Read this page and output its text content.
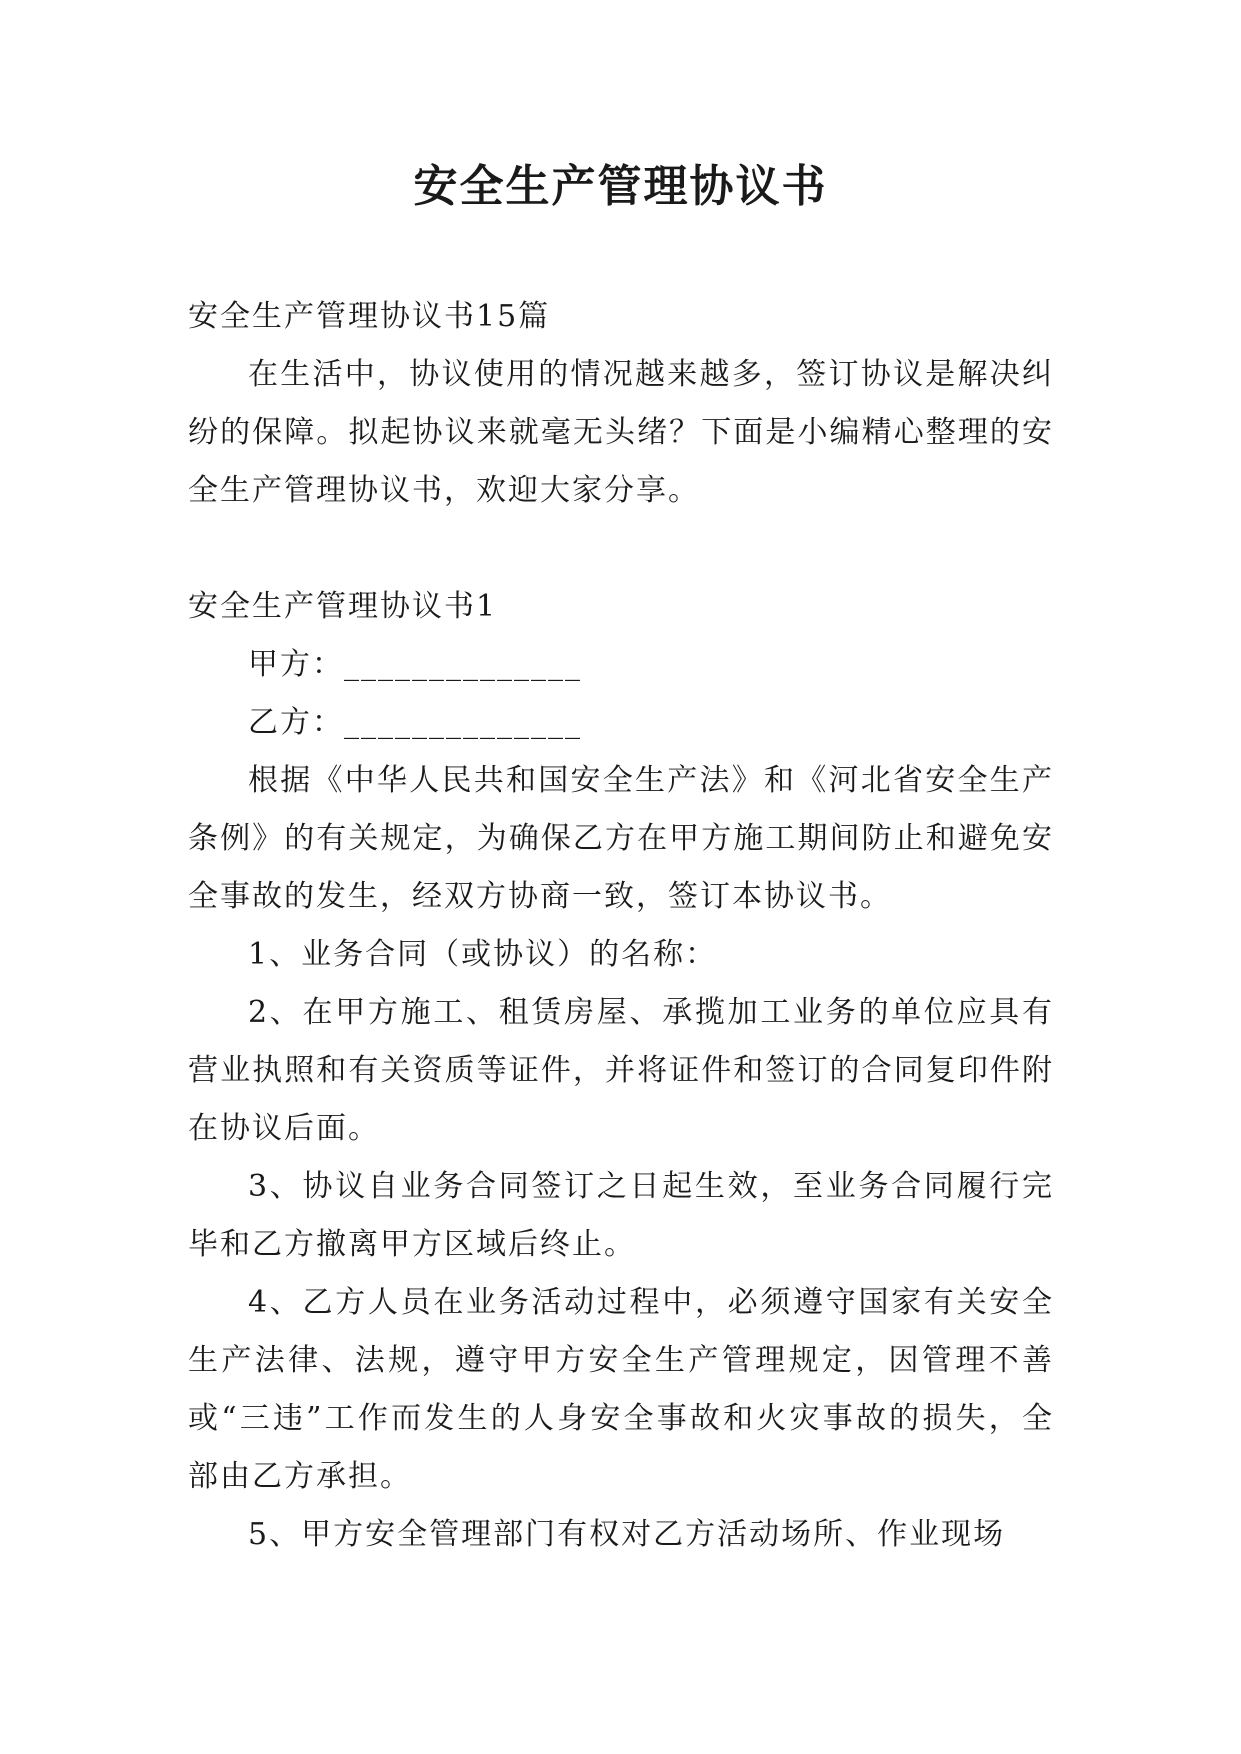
安全生产管理协议书

安全生产管理协议书15篇

在生活中，协议使用的情况越来越多，签订协议是解决纠纷的保障。拟起协议来就毫无头绪？下面是小编精心整理的安全生产管理协议书，欢迎大家分享。

安全生产管理协议书1

甲方：______________

乙方：______________

根据《中华人民共和国安全生产法》和《河北省安全生产条例》的有关规定，为确保乙方在甲方施工期间防止和避免安全事故的发生，经双方协商一致，签订本协议书。

1、业务合同（或协议）的名称：

2、在甲方施工、租赁房屋、承揽加工业务的单位应具有营业执照和有关资质等证件，并将证件和签订的合同复印件附在协议后面。

3、协议自业务合同签订之日起生效，至业务合同履行完毕和乙方撤离甲方区域后终止。

4、乙方人员在业务活动过程中，必须遵守国家有关安全生产法律、法规，遵守甲方安全生产管理规定，因管理不善或“三违”工作而发生的人身安全事故和火灾事故的损失，全部由乙方承担。

5、甲方安全管理部门有权对乙方活动场所、作业现场
